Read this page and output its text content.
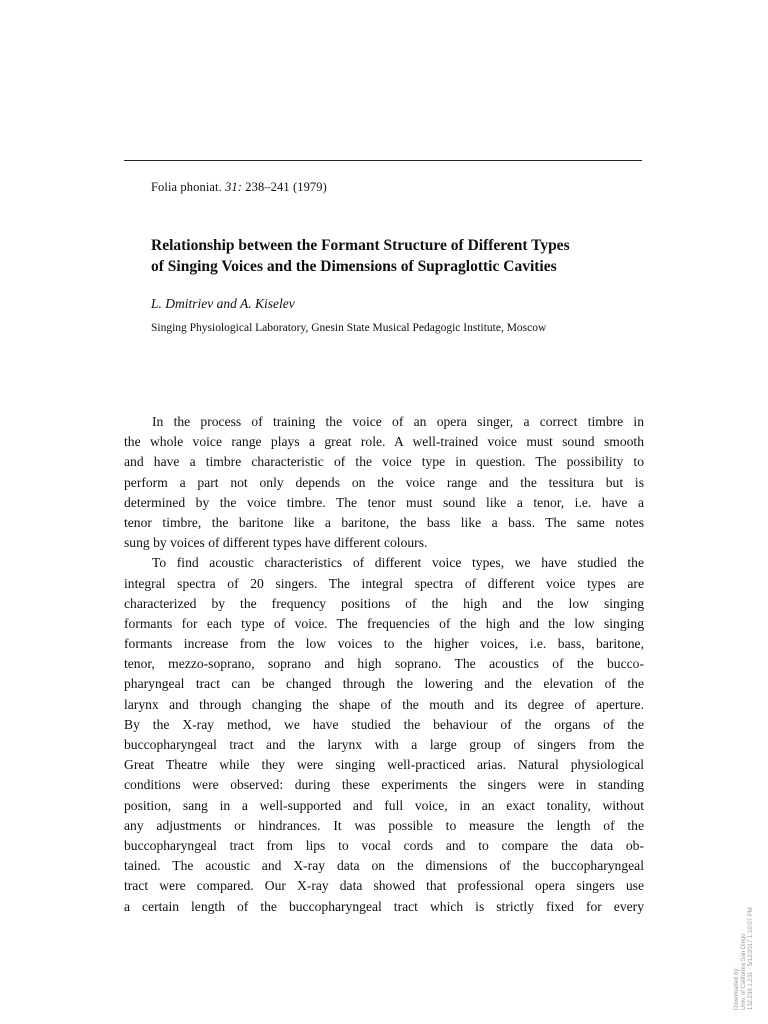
Folia phoniat. 31: 238–241 (1979)
Relationship between the Formant Structure of Different Types
of Singing Voices and the Dimensions of Supraglottic Cavities
L. Dmitriev and A. Kiselev
Singing Physiological Laboratory, Gnesin State Musical Pedagogic Institute, Moscow

In the process of training the voice of an opera singer, a correct timbre in
the whole voice range plays a great role. A well-trained voice must sound smooth
and have a timbre characteristic of the voice type in question. The possibility to
perform a part not only depends on the voice range and the tessitura but is
determined by the voice timbre. The tenor must sound like a tenor, i.e. have a
tenor timbre, the baritone like a baritone, the bass like a bass. The same notes
sung by voices of different types have different colours.

To find acoustic characteristics of different voice types, we have studied the
integral spectra of 20 singers. The integral spectra of different voice types are
characterized by the frequency positions of the high and the low singing
formants for each type of voice. The frequencies of the high and the low singing
formants increase from the low voices to the higher voices, i.e. bass, baritone,
tenor, mezzo-soprano, soprano and high soprano. The acoustics of the bucco-
pharyngeal tract can be changed through the lowering and the elevation of the
larynx and through changing the shape of the mouth and its degree of aperture.
By the X-ray method, we have studied the behaviour of the organs of the
buccopharyngeal tract and the larynx with a large group of singers from the
Great Theatre while they were singing well-practiced arias. Natural physiological
conditions were observed: during these experiments the singers were in standing
position, sang in a well-supported and full voice, in an exact tonality, without
any adjustments or hindrances. It was possible to measure the length of the
buccopharyngeal tract from lips to vocal cords and to compare the data ob-
tained. The acoustic and X-ray data on the dimensions of the buccopharyngeal
tract were compared. Our X-ray data showed that professional opera singers use
a certain length of the buccopharyngeal tract which is strictly fixed for every

Downloaded by: Univ. of California San Diego 132.239.1.231 - 5/12/2017 1:10:07 PM
